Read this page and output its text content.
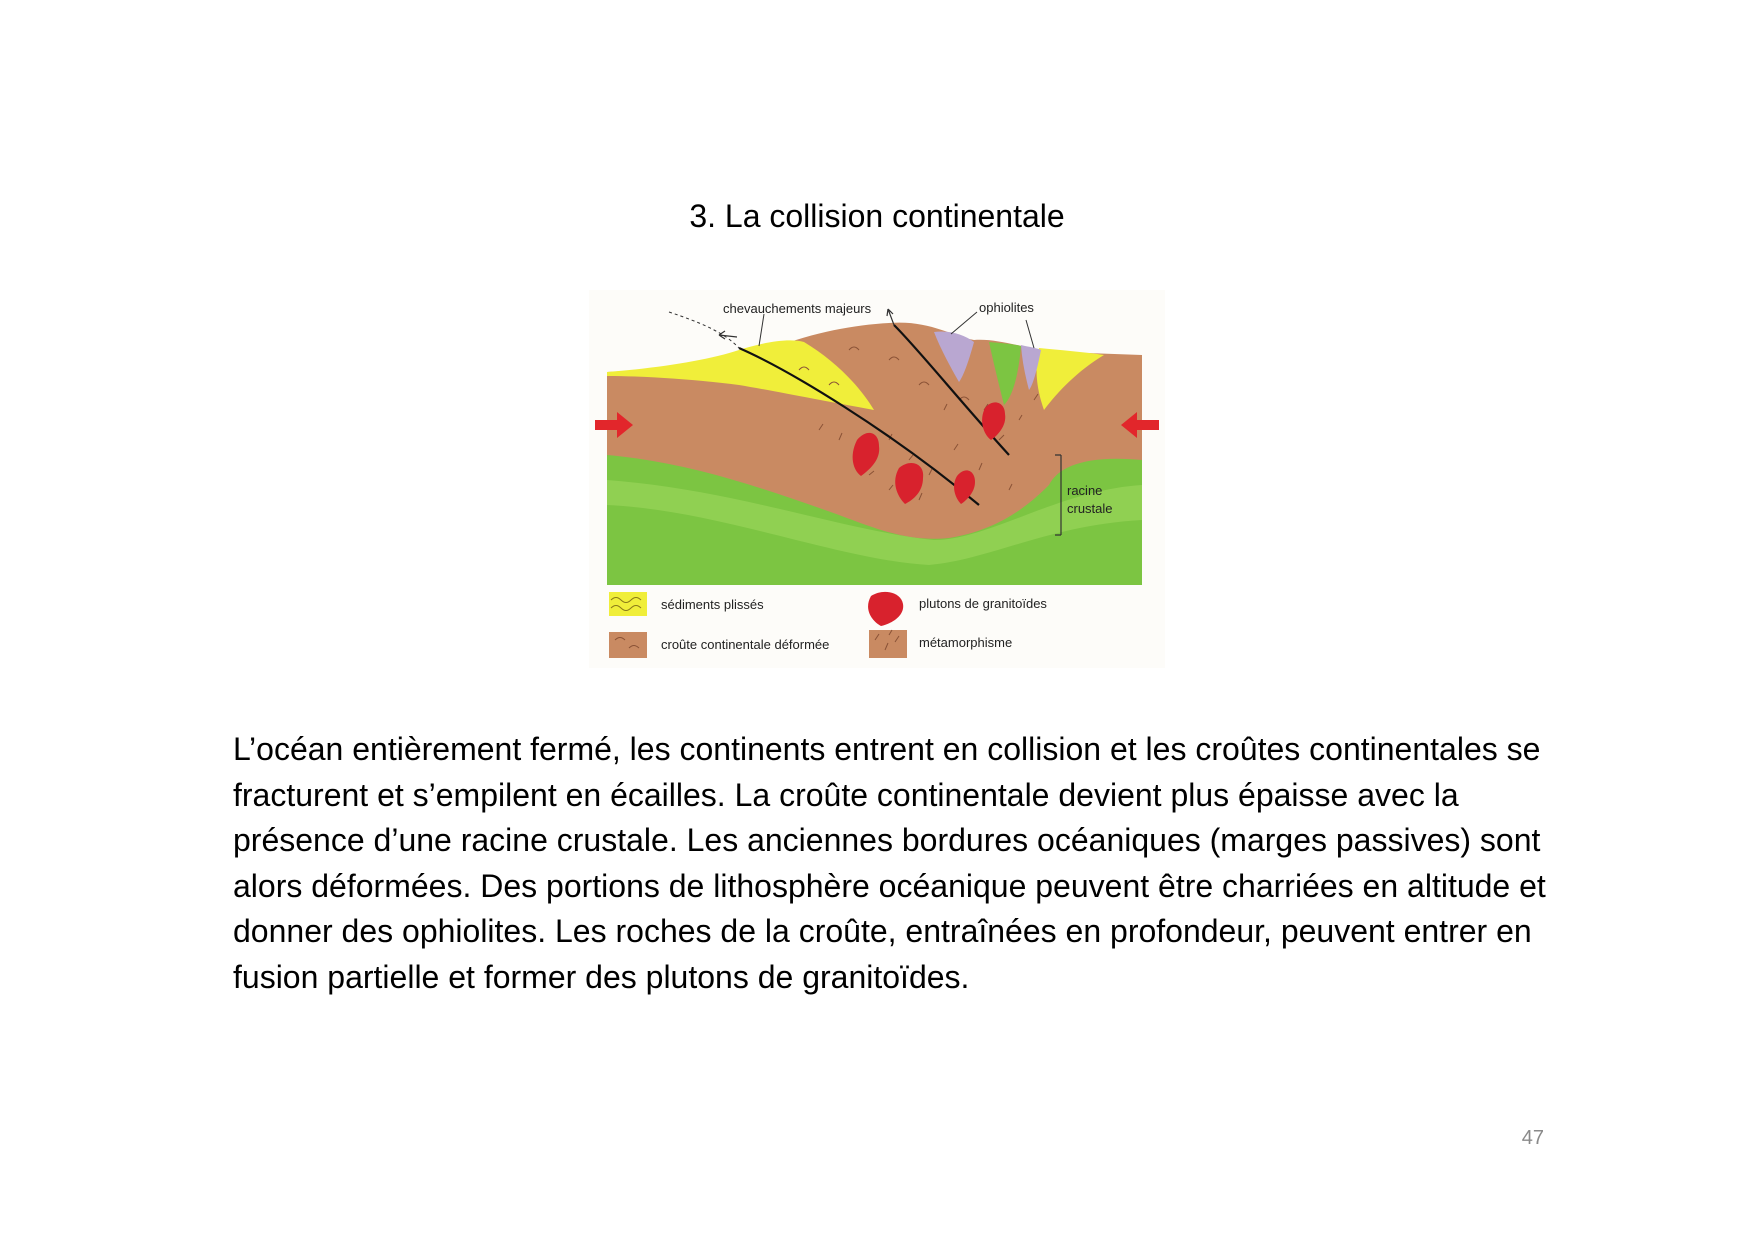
3. La collision continentale
chevauchements majeurs	ophiolites
racine
crustale
sédiments plissés	plutons de granitoïdes
croûte continentale déformée	métamorphisme
L’océan entièrement fermé, les continents entrent en collision et les croûtes continentales se fracturent et s’empilent en écailles. La croûte continentale devient plus épaisse avec la présence d’une racine crustale. Les anciennes bordures océaniques (marges passives) sont alors déformées. Des portions de lithosphère océanique peuvent être charriées en altitude et donner des ophiolites. Les roches de la croûte, entraînées en profondeur, peuvent entrer en fusion partielle et former des plutons de granitoïdes.
47
